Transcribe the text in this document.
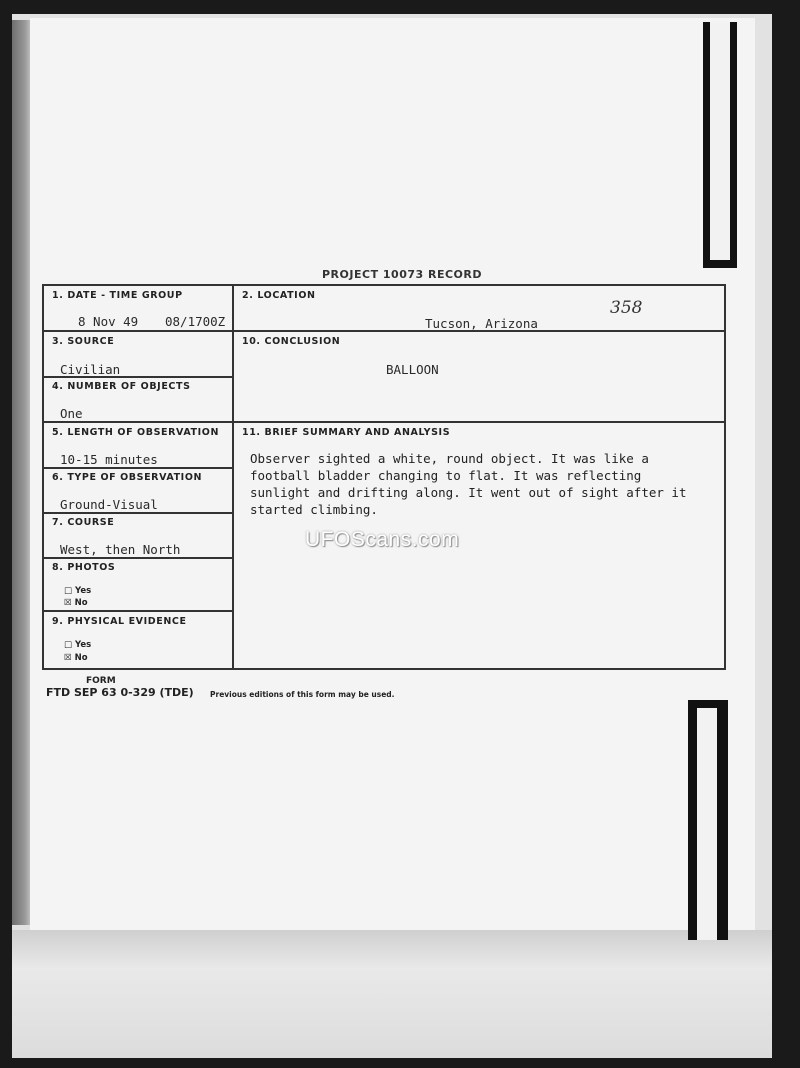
PROJECT 10073 RECORD
358
1. DATE - TIME GROUP
8 Nov 49 08/1700Z
2. LOCATION
Tucson, Arizona
3. SOURCE
Civilian
10. CONCLUSION
BALLOON
4. NUMBER OF OBJECTS
One
5. LENGTH OF OBSERVATION
10-15 minutes
11. BRIEF SUMMARY AND ANALYSIS
6. TYPE OF OBSERVATION
Ground-Visual
7. COURSE
West, then North
8. PHOTOS
□ Yes
☒ No
9. PHYSICAL EVIDENCE
□ Yes
☒ No
Observer sighted a white, round object. It was like a
football bladder changing to flat. It was reflecting
sunlight and drifting along. It went out of sight after it
started climbing.
FORM
FTD SEP 63 0-329 (TDE) Previous editions of this form may be used.
UFOScans.com
